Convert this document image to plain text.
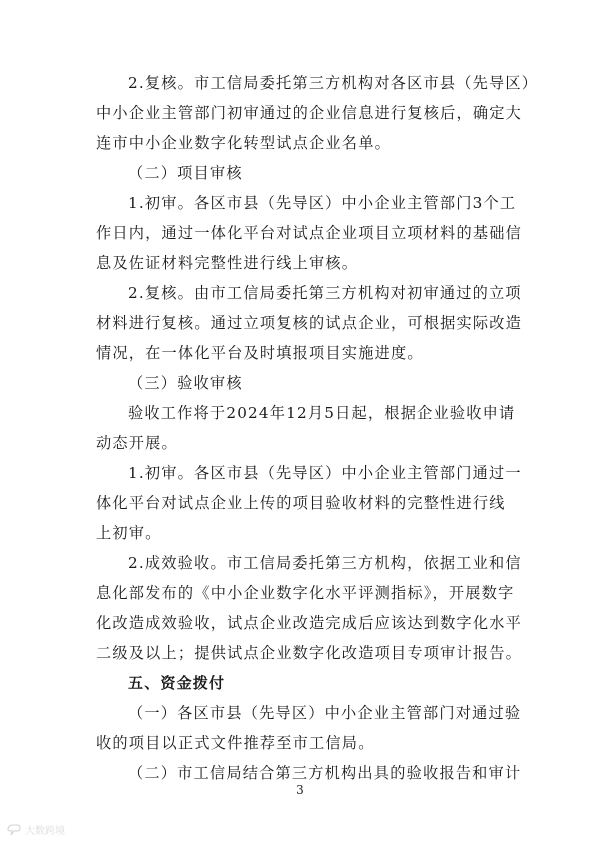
2.复核。市工信局委托第三方机构对各区市县（先导区）
中小企业主管部门初审通过的企业信息进行复核后，确定大
连市中小企业数字化转型试点企业名单。
（二）项目审核
1.初审。各区市县（先导区）中小企业主管部门3个工
作日内，通过一体化平台对试点企业项目立项材料的基础信
息及佐证材料完整性进行线上审核。
2.复核。由市工信局委托第三方机构对初审通过的立项
材料进行复核。通过立项复核的试点企业，可根据实际改造
情况，在一体化平台及时填报项目实施进度。
（三）验收审核
验收工作将于2024年12月5日起，根据企业验收申请
动态开展。
1.初审。各区市县（先导区）中小企业主管部门通过一
体化平台对试点企业上传的项目验收材料的完整性进行线
上初审。
2.成效验收。市工信局委托第三方机构，依据工业和信
息化部发布的《中小企业数字化水平评测指标》，开展数字
化改造成效验收，试点企业改造完成后应该达到数字化水平
二级及以上；提供试点企业数字化改造项目专项审计报告。
五、资金拨付
（一）各区市县（先导区）中小企业主管部门对通过验
收的项目以正式文件推荐至市工信局。
（二）市工信局结合第三方机构出具的验收报告和审计
3
大数跨境
